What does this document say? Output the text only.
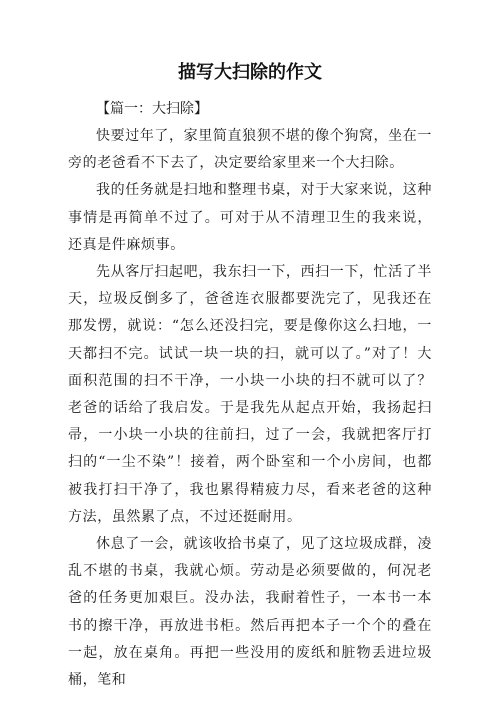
描写大扫除的作文

【篇一：大扫除】

快要过年了，家里简直狼狈不堪的像个狗窝，坐在一旁的老爸看不下去了，决定要给家里来一个大扫除。

我的任务就是扫地和整理书桌，对于大家来说，这种事情是再简单不过了。可对于从不清理卫生的我来说，还真是件麻烦事。

先从客厅扫起吧，我东扫一下，西扫一下，忙活了半天，垃圾反倒多了，爸爸连衣服都要洗完了，见我还在那发愣，就说：“怎么还没扫完，要是像你这么扫地，一天都扫不完。试试一块一块的扫，就可以了。”对了！大面积范围的扫不干净，一小块一小块的扫不就可以了？老爸的话给了我启发。于是我先从起点开始，我扬起扫帚，一小块一小块的往前扫，过了一会，我就把客厅打扫的“一尘不染”！接着，两个卧室和一个小房间，也都被我打扫干净了，我也累得精疲力尽，看来老爸的这种方法，虽然累了点，不过还挺耐用。

休息了一会，就该收拾书桌了，见了这垃圾成群，凌乱不堪的书桌，我就心烦。劳动是必须要做的，何况老爸的任务更加艰巨。没办法，我耐着性子，一本书一本书的擦干净，再放进书柜。然后再把本子一个个的叠在一起，放在桌角。再把一些没用的废纸和脏物丢进垃圾桶，笔和
